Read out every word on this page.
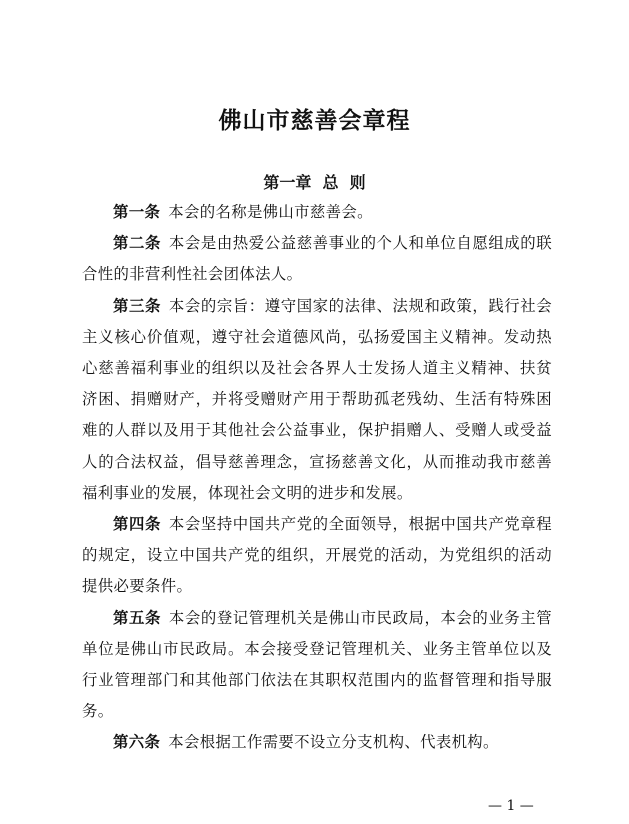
佛山市慈善会章程
第一章 总 则

第一条 本会的名称是佛山市慈善会。

第二条 本会是由热爱公益慈善事业的个人和单位自愿组成的联合性的非营利性社会团体法人。

第三条 本会的宗旨：遵守国家的法律、法规和政策，践行社会主义核心价值观，遵守社会道德风尚，弘扬爱国主义精神。发动热心慈善福利事业的组织以及社会各界人士发扬人道主义精神、扶贫济困、捐赠财产，并将受赠财产用于帮助孤老残幼、生活有特殊困难的人群以及用于其他社会公益事业，保护捐赠人、受赠人或受益人的合法权益，倡导慈善理念，宣扬慈善文化，从而推动我市慈善福利事业的发展，体现社会文明的进步和发展。

第四条 本会坚持中国共产党的全面领导，根据中国共产党章程的规定，设立中国共产党的组织，开展党的活动，为党组织的活动提供必要条件。

第五条 本会的登记管理机关是佛山市民政局，本会的业务主管单位是佛山市民政局。本会接受登记管理机关、业务主管单位以及行业管理部门和其他部门依法在其职权范围内的监督管理和指导服务。

第六条 本会根据工作需要不设立分支机构、代表机构。

— 1 —
